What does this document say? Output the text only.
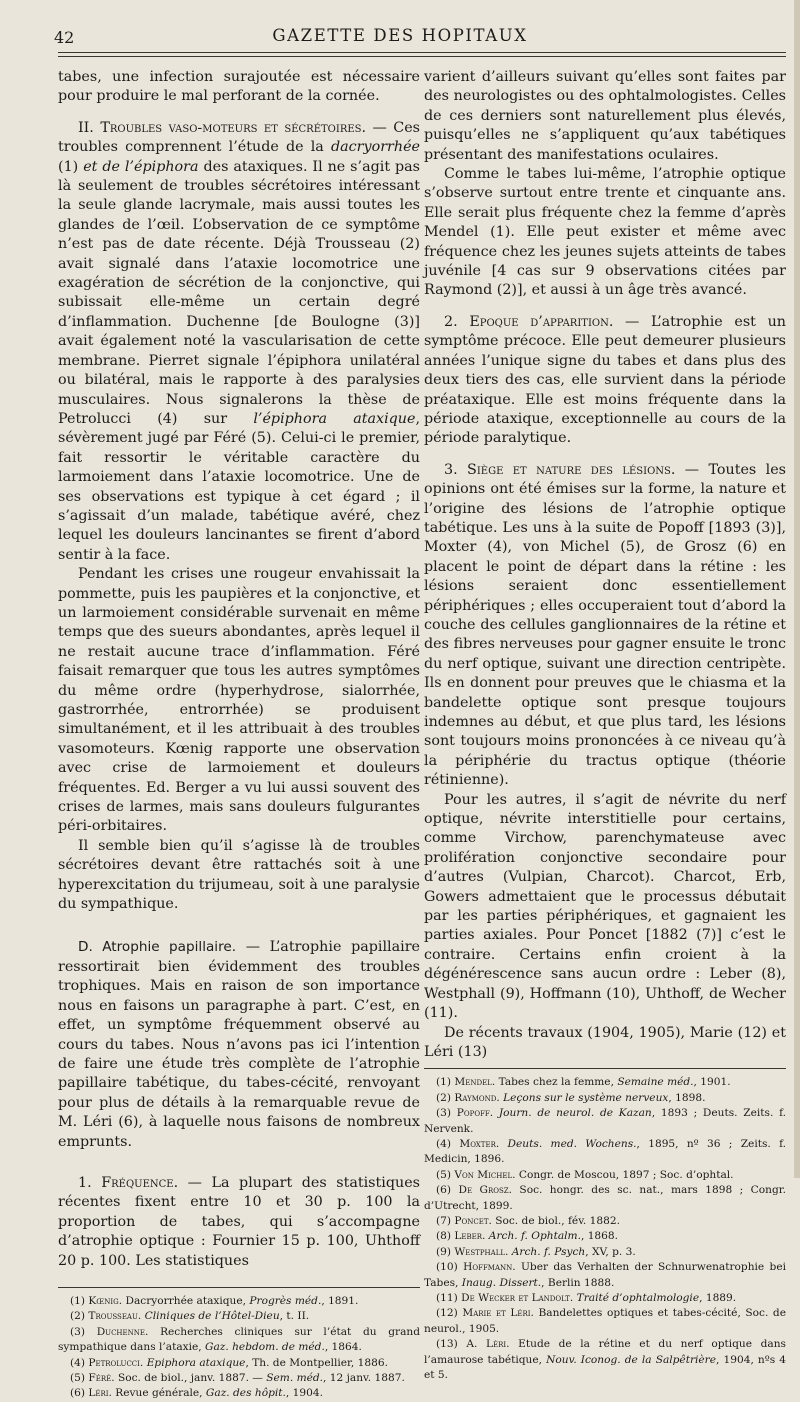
42	GAZETTE DES HOPITAUX

tabes, une infection surajoutée est nécessaire pour produire le mal perforant de la cornée.

II. Troubles vaso-moteurs et sécrétoires. — Ces troubles comprennent l’étude de la dacryorrhée (1) et de l’épiphora des ataxiques. Il ne s’agit pas là seulement de troubles sécrétoires intéressant la seule glande lacrymale, mais aussi toutes les glandes de l’œil. L’observation de ce symptôme n’est pas de date récente. Déjà Trousseau (2) avait signalé dans l’ataxie locomotrice une exagération de sécrétion de la conjonctive, qui subissait elle-même un certain degré d’inflammation. Duchenne [de Boulogne (3)] avait également noté la vascularisation de cette membrane. Pierret signale l’épiphora unilatéral ou bilatéral, mais le rapporte à des paralysies musculaires. Nous signalerons la thèse de Petrolucci (4) sur l’épiphora ataxique, sévèrement jugé par Féré (5). Celui-ci le premier, fait ressortir le véritable caractère du larmoiement dans l’ataxie locomotrice. Une de ses observations est typique à cet égard ; il s’agissait d’un malade, tabétique avéré, chez lequel les douleurs lancinantes se firent d’abord sentir à la face.

Pendant les crises une rougeur envahissait la pommette, puis les paupières et la conjonctive, et un larmoiement considérable survenait en même temps que des sueurs abondantes, après lequel il ne restait aucune trace d’inflammation. Féré faisait remarquer que tous les autres symptômes du même ordre (hyperhydrose, sialorrhée, gastrorrhée, entrorrhée) se produisent simultanément, et il les attribuait à des troubles vasomoteurs. Kœnig rapporte une observation avec crise de larmoiement et douleurs fréquentes. Ed. Berger a vu lui aussi souvent des crises de larmes, mais sans douleurs fulgurantes péri-orbitaires.

Il semble bien qu’il s’agisse là de troubles sécrétoires devant être rattachés soit à une hyperexcitation du trijumeau, soit à une paralysie du sympathique.

D. Atrophie papillaire. — L’atrophie papillaire ressortirait bien évidemment des troubles trophiques. Mais en raison de son importance nous en faisons un paragraphe à part. C’est, en effet, un symptôme fréquemment observé au cours du tabes. Nous n’avons pas ici l’intention de faire une étude très complète de l’atrophie papillaire tabétique, du tabes-cécité, renvoyant pour plus de détails à la remarquable revue de M. Léri (6), à laquelle nous faisons de nombreux emprunts.

1. Fréquence. — La plupart des statistiques récentes fixent entre 10 et 30 p. 100 la proportion de tabes, qui s’accompagne d’atrophie optique : Fournier 15 p. 100, Uhthoff 20 p. 100. Les statistiques

(1) Kœnig. Dacryorrhée ataxique, Progrès méd., 1891.
(2) Trousseau. Cliniques de l’Hôtel-Dieu, t. II.
(3) Duchenne. Recherches cliniques sur l’état du grand sympathique dans l’ataxie, Gaz. hebdom. de méd., 1864.
(4) Petrolucci. Epiphora ataxique, Th. de Montpellier, 1886.
(5) Féré. Soc. de biol., janv. 1887. — Sem. méd., 12 janv. 1887.
(6) Léri. Revue générale, Gaz. des hôpit., 1904.

varient d’ailleurs suivant qu’elles sont faites par des neurologistes ou des ophtalmologistes. Celles de ces derniers sont naturellement plus élevés, puisqu’elles ne s’appliquent qu’aux tabétiques présentant des manifestations oculaires.

Comme le tabes lui-même, l’atrophie optique s’observe surtout entre trente et cinquante ans. Elle serait plus fréquente chez la femme d’après Mendel (1). Elle peut exister et même avec fréquence chez les jeunes sujets atteints de tabes juvénile [4 cas sur 9 observations citées par Raymond (2)], et aussi à un âge très avancé.

2. Epoque d’apparition. — L’atrophie est un symptôme précoce. Elle peut demeurer plusieurs années l’unique signe du tabes et dans plus des deux tiers des cas, elle survient dans la période préataxique. Elle est moins fréquente dans la période ataxique, exceptionnelle au cours de la période paralytique.

3. Siège et nature des lésions. — Toutes les opinions ont été émises sur la forme, la nature et l’origine des lésions de l’atrophie optique tabétique. Les uns à la suite de Popoff [1893 (3)], Moxter (4), von Michel (5), de Grosz (6) en placent le point de départ dans la rétine : les lésions seraient donc essentiellement périphériques ; elles occuperaient tout d’abord la couche des cellules ganglionnaires de la rétine et des fibres nerveuses pour gagner ensuite le tronc du nerf optique, suivant une direction centripète. Ils en donnent pour preuves que le chiasma et la bandelette optique sont presque toujours indemnes au début, et que plus tard, les lésions sont toujours moins prononcées à ce niveau qu’à la périphérie du tractus optique (théorie rétinienne).

Pour les autres, il s’agit de névrite du nerf optique, névrite interstitielle pour certains, comme Virchow, parenchymateuse avec prolifération conjonctive secondaire pour d’autres (Vulpian, Charcot). Charcot, Erb, Gowers admettaient que le processus débutait par les parties périphériques, et gagnaient les parties axiales. Pour Poncet [1882 (7)] c’est le contraire. Certains enfin croient à la dégénérescence sans aucun ordre : Leber (8), Westphall (9), Hoffmann (10), Uhthoff, de Wecher (11).

De récents travaux (1904, 1905), Marie (12) et Léri (13)

(1) Mendel. Tabes chez la femme, Semaine méd., 1901.
(2) Raymond. Leçons sur le système nerveux, 1898.
(3) Popoff. Journ. de neurol. de Kazan, 1893 ; Deuts. Zeits. f. Nervenk.
(4) Moxter. Deuts. med. Wochens., 1895, nº 36 ; Zeits. f. Medicin, 1896.
(5) Von Michel. Congr. de Moscou, 1897 ; Soc. d’ophtal.
(6) De Grosz. Soc. hongr. des sc. nat., mars 1898 ; Congr. d’Utrecht, 1899.
(7) Poncet. Soc. de biol., fév. 1882.
(8) Leber. Arch. f. Ophtalm., 1868.
(9) Westphall. Arch. f. Psych, XV, p. 3.
(10) Hoffmann. Uber das Verhalten der Schnurwenatrophie bei Tabes, Inaug. Dissert., Berlin 1888.
(11) De Wecker et Landolt. Traité d’ophtalmologie, 1889.
(12) Marie et Léri. Bandelettes optiques et tabes-cécité, Soc. de neurol., 1905.
(13) A. Léri. Etude de la rétine et du nerf optique dans l’amaurose tabétique, Nouv. Iconog. de la Salpêtrière, 1904, nºs 4 et 5.
